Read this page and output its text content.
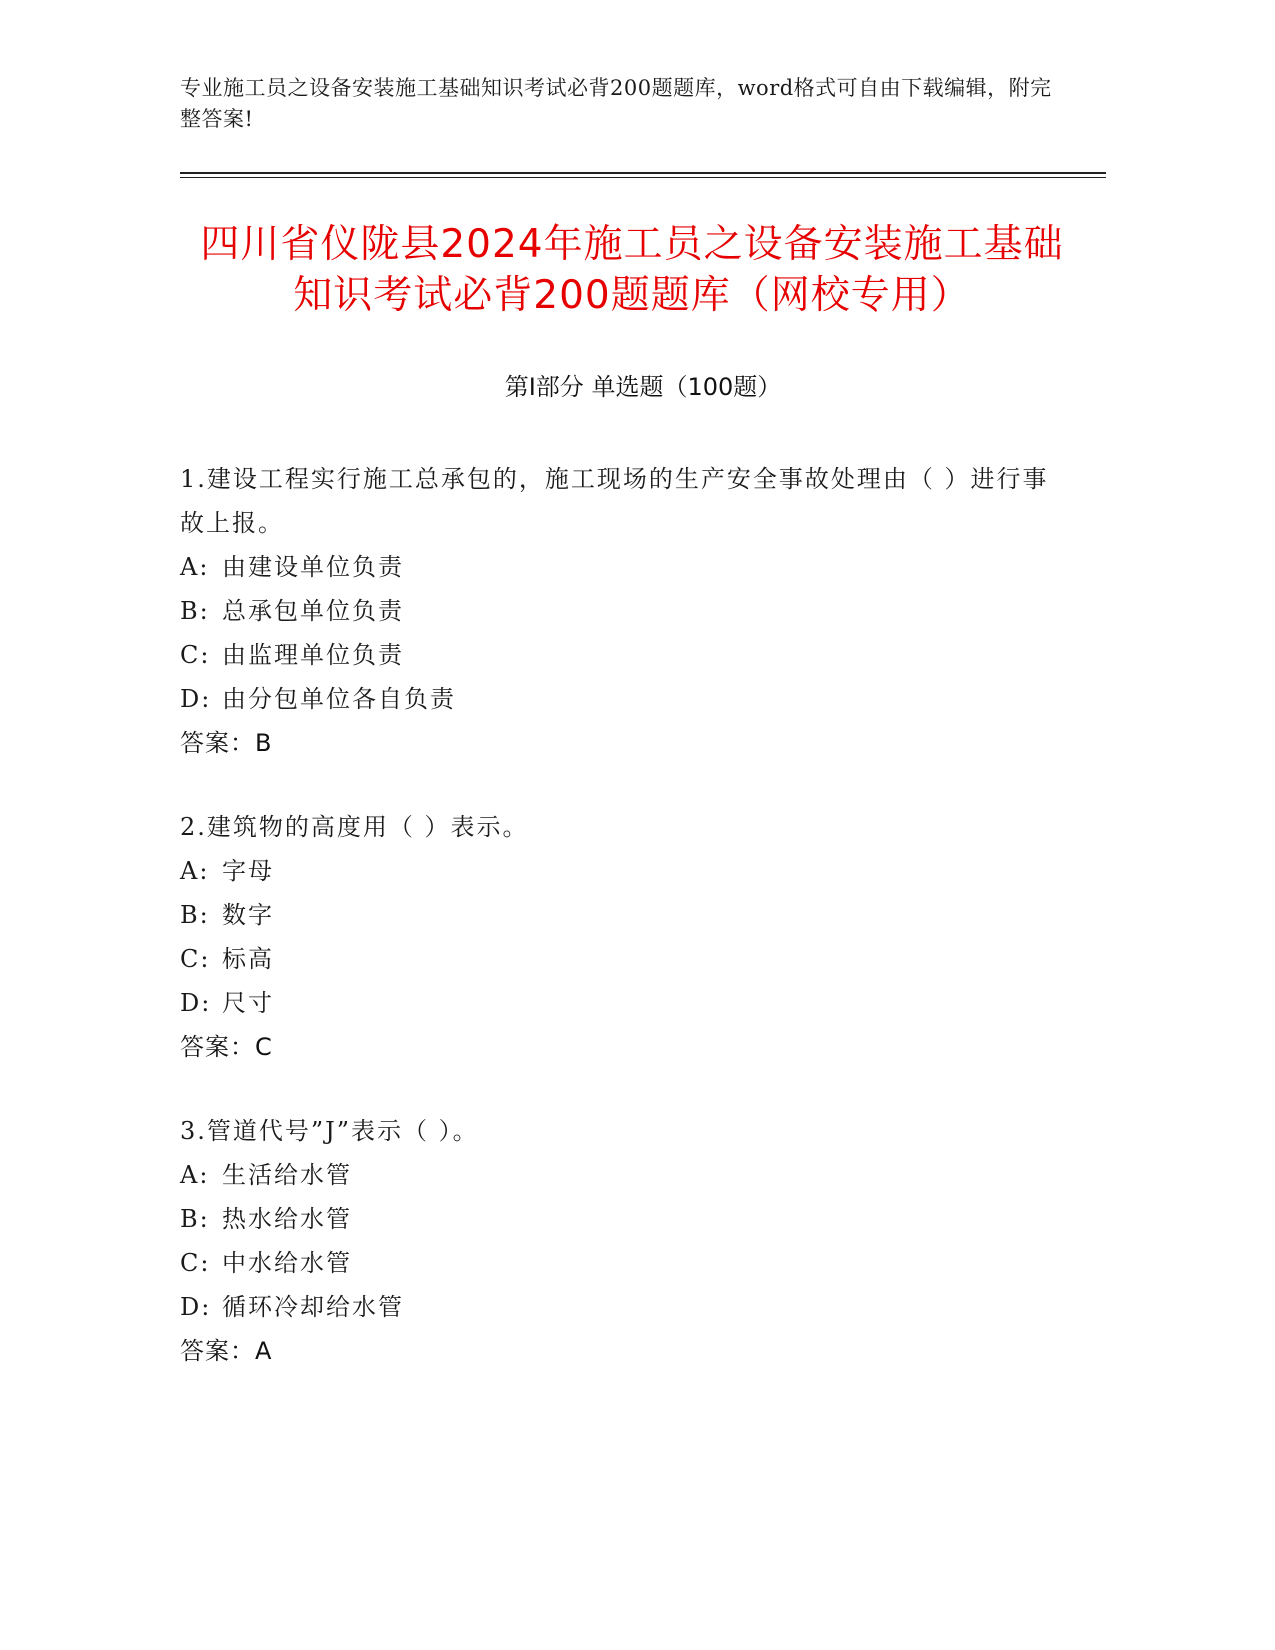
专业施工员之设备安装施工基础知识考试必背200题题库，word格式可自由下载编辑，附完整答案!
四川省仪陇县2024年施工员之设备安装施工基础知识考试必背200题题库（网校专用）
第I部分 单选题（100题）
1.建设工程实行施工总承包的，施工现场的生产安全事故处理由（ ）进行事故上报。
A: 由建设单位负责
B: 总承包单位负责
C: 由监理单位负责
D: 由分包单位各自负责
答案：B
2.建筑物的高度用（ ）表示。
A: 字母
B: 数字
C: 标高
D: 尺寸
答案：C
3.管道代号”J”表示（ ）。
A: 生活给水管
B: 热水给水管
C: 中水给水管
D: 循环冷却给水管
答案：A
